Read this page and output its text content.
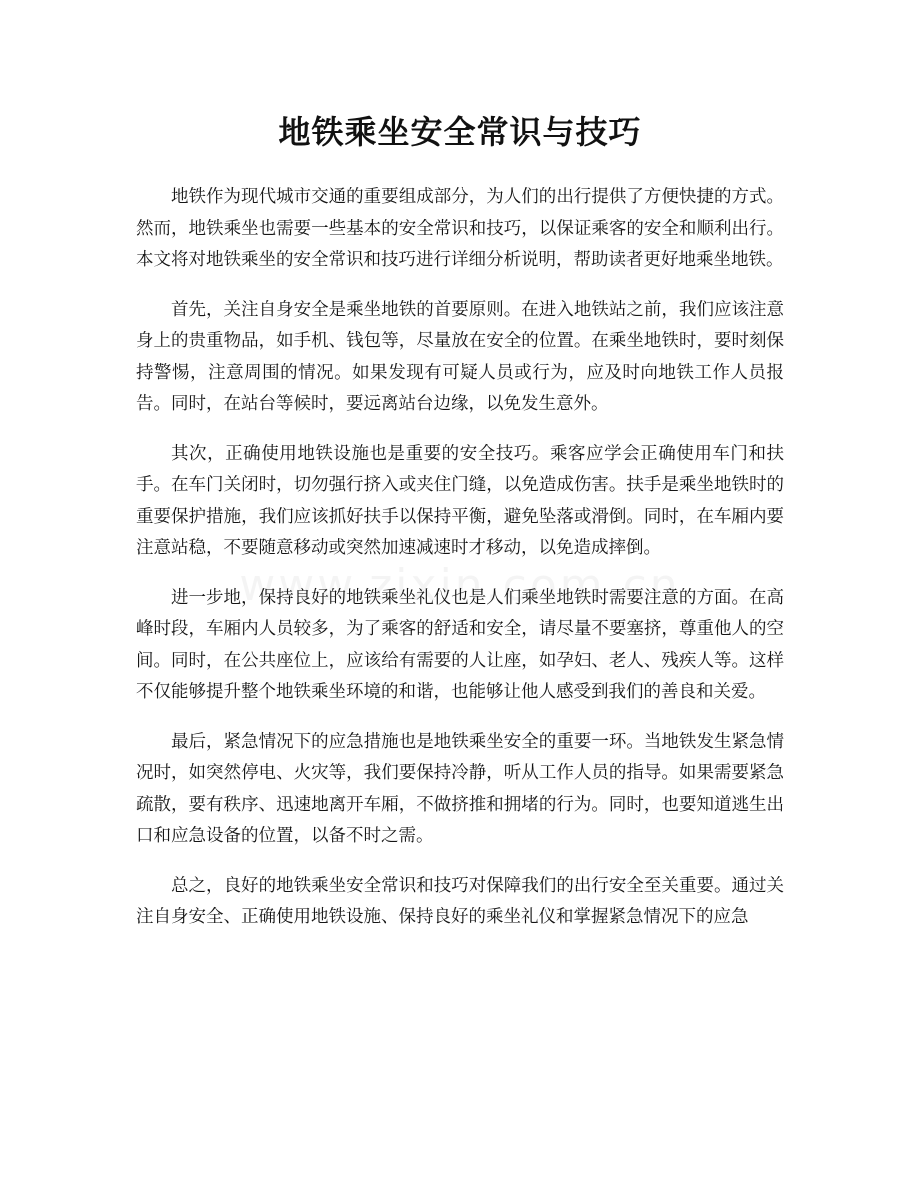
地铁乘坐安全常识与技巧

地铁作为现代城市交通的重要组成部分，为人们的出行提供了方便快捷的方式。然而，地铁乘坐也需要一些基本的安全常识和技巧，以保证乘客的安全和顺利出行。本文将对地铁乘坐的安全常识和技巧进行详细分析说明，帮助读者更好地乘坐地铁。

首先，关注自身安全是乘坐地铁的首要原则。在进入地铁站之前，我们应该注意身上的贵重物品，如手机、钱包等，尽量放在安全的位置。在乘坐地铁时，要时刻保持警惕，注意周围的情况。如果发现有可疑人员或行为，应及时向地铁工作人员报告。同时，在站台等候时，要远离站台边缘，以免发生意外。

其次，正确使用地铁设施也是重要的安全技巧。乘客应学会正确使用车门和扶手。在车门关闭时，切勿强行挤入或夹住门缝，以免造成伤害。扶手是乘坐地铁时的重要保护措施，我们应该抓好扶手以保持平衡，避免坠落或滑倒。同时，在车厢内要注意站稳，不要随意移动或突然加速减速时才移动，以免造成摔倒。

进一步地，保持良好的地铁乘坐礼仪也是人们乘坐地铁时需要注意的方面。在高峰时段，车厢内人员较多，为了乘客的舒适和安全，请尽量不要塞挤，尊重他人的空间。同时，在公共座位上，应该给有需要的人让座，如孕妇、老人、残疾人等。这样不仅能够提升整个地铁乘坐环境的和谐，也能够让他人感受到我们的善良和关爱。

最后，紧急情况下的应急措施也是地铁乘坐安全的重要一环。当地铁发生紧急情况时，如突然停电、火灾等，我们要保持冷静，听从工作人员的指导。如果需要紧急疏散，要有秩序、迅速地离开车厢，不做挤推和拥堵的行为。同时，也要知道逃生出口和应急设备的位置，以备不时之需。

总之，良好的地铁乘坐安全常识和技巧对保障我们的出行安全至关重要。通过关注自身安全、正确使用地铁设施、保持良好的乘坐礼仪和掌握紧急情况下的应急
